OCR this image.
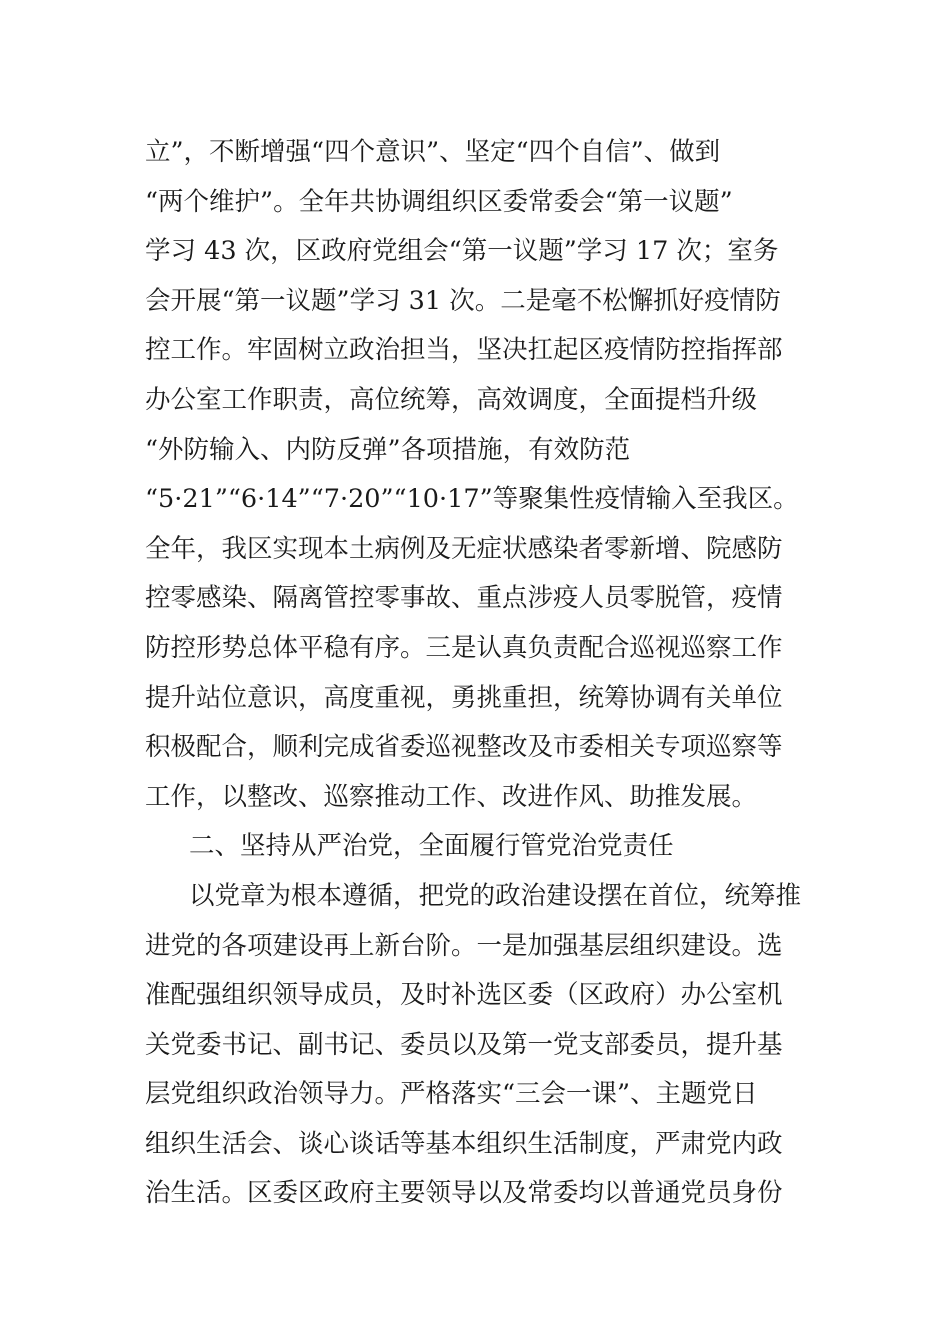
立”，不断增强“四个意识”、坚定“四个自信”、做到
“两个维护”。全年共协调组织区委常委会“第一议题”
学习 43 次，区政府党组会“第一议题”学习 17 次；室务
会开展“第一议题”学习 31 次。二是毫不松懈抓好疫情防
控工作。牢固树立政治担当，坚决扛起区疫情防控指挥部
办公室工作职责，高位统筹，高效调度，全面提档升级
“外防输入、内防反弹”各项措施，有效防范
“5·21”“6·14”“7·20”“10·17”等聚集性疫情输入至我区。
全年，我区实现本土病例及无症状感染者零新增、院感防
控零感染、隔离管控零事故、重点涉疫人员零脱管，疫情
防控形势总体平稳有序。三是认真负责配合巡视巡察工作
提升站位意识，高度重视，勇挑重担，统筹协调有关单位
积极配合，顺利完成省委巡视整改及市委相关专项巡察等
工作，以整改、巡察推动工作、改进作风、助推发展。
二、坚持从严治党，全面履行管党治党责任
以党章为根本遵循，把党的政治建设摆在首位，统筹推
进党的各项建设再上新台阶。一是加强基层组织建设。选
准配强组织领导成员，及时补选区委（区政府）办公室机
关党委书记、副书记、委员以及第一党支部委员，提升基
层党组织政治领导力。严格落实“三会一课”、主题党日
组织生活会、谈心谈话等基本组织生活制度，严肃党内政
治生活。区委区政府主要领导以及常委均以普通党员身份
